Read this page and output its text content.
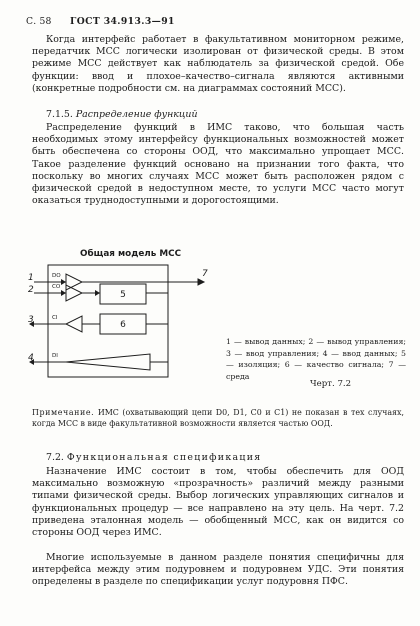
С. 58 ГОСТ 34.913.3—91
Когда интерфейс работает в факультативном мониторном режиме, передатчик МСС логически изолирован от физической среды. В этом режиме МСС действует как наблюдатель за физической средой. Обе функции: ввод и плохое–качество–сигнала являются активными (конкретные подробности см. на диаграммах состояний МСС).
7.1.5. Распределение функций
Распределение функций в ИМС таково, что большая часть необходимых этому интерфейсу функциональных возможностей может быть обеспечена со стороны ООД, что максимально упрощает МСС. Такое разделение функций основано на признании того факта, что поскольку во многих случаях МСС может быть расположен рядом с физической средой в недоступном месте, то услуги МСС часто могут оказаться труднодоступными и дорогостоящими.
Общая модель МСС
1
2
3
4
7
DO
CO
CI
DI
5
6
1 — вывод данных; 2 — вывод управления; 3 — ввод управления; 4 — ввод данных; 5 — изоляция; 6 — качество сигнала; 7 — среда
Черт. 7.2
Примечание. ИМС (охватывающий цепи D0, D1, C0 и C1) не показан в тех случаях, когда МСС в виде факультативной возможности является частью ООД.
7.2. Функциональная спецификация
Назначение ИМС состоит в том, чтобы обеспечить для ООД максимально возможную «прозрачность» различий между разными типами физической среды. Выбор логических управляющих сигналов и функциональных процедур — все направлено на эту цель. На черт. 7.2 приведена эталонная модель — обобщенный МСС, как он видится со стороны ООД через ИМС.
Многие используемые в данном разделе понятия специфичны для интерфейса между этим подуровнем и подуровнем УДС. Эти понятия определены в разделе по спецификации услуг подуровня ПФС.
